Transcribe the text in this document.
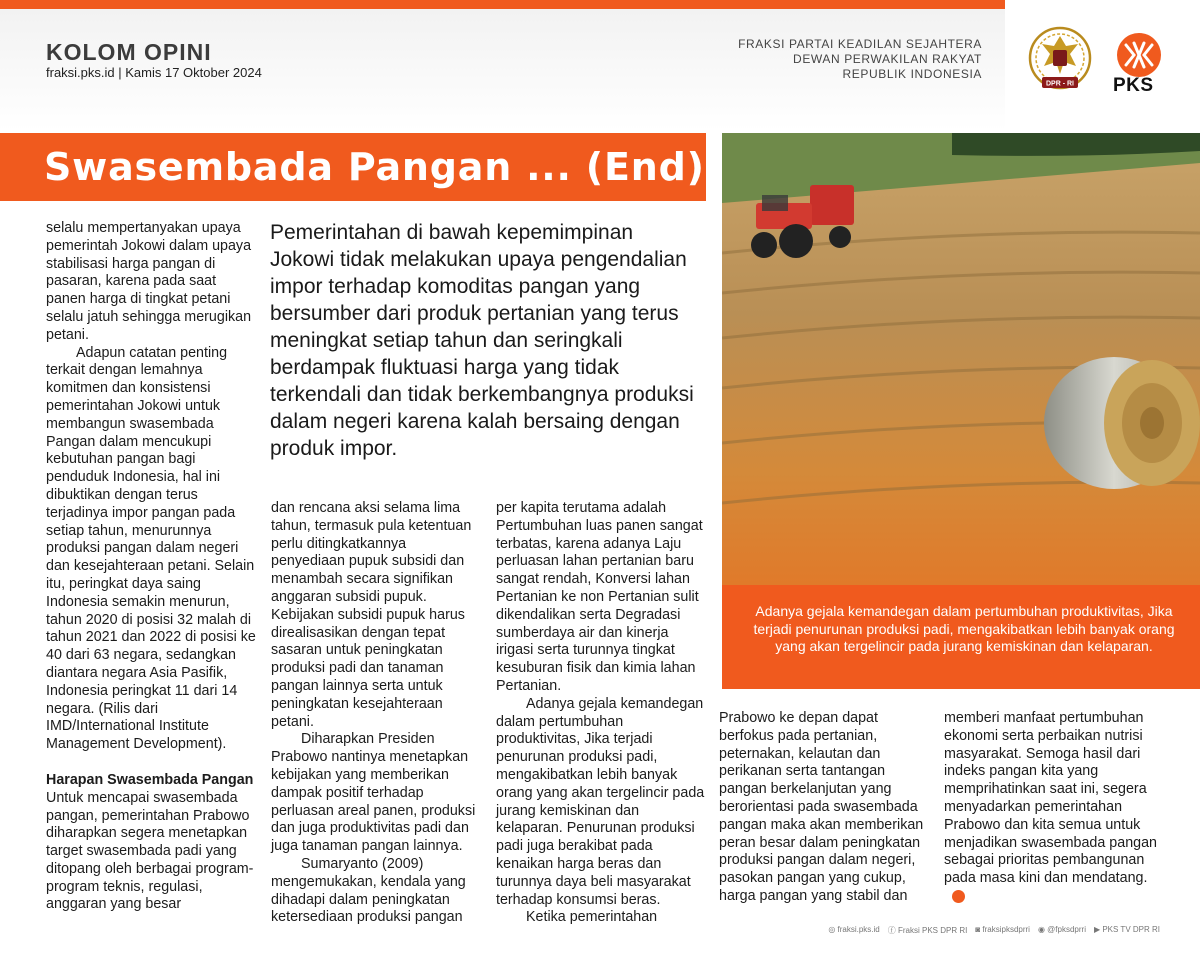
KOLOM OPINI
fraksi.pks.id | Kamis 17 Oktober 2024
FRAKSI PARTAI KEADILAN SEJAHTERA
DEWAN PERWAKILAN RAKYAT
REPUBLIK INDONESIA
DPR - RI PKS
Swasembada Pangan ... (End)

selalu mempertanyakan upaya pemerintah Jokowi dalam upaya stabilisasi harga pangan di pasaran, karena pada saat panen harga di tingkat petani selalu jatuh sehingga merugikan petani.

Adapun catatan penting terkait dengan lemahnya komitmen dan konsistensi pemerintahan Jokowi untuk membangun swasembada Pangan dalam mencukupi kebutuhan pangan bagi penduduk Indonesia, hal ini dibuktikan dengan terus terjadinya impor pangan pada setiap tahun, menurunnya produksi pangan dalam negeri dan kesejahteraan petani. Selain itu, peringkat daya saing Indonesia semakin menurun, tahun 2020 di posisi 32 malah di tahun 2021 dan 2022 di posisi ke 40 dari 63 negara, sedangkan diantara negara Asia Pasifik, Indonesia peringkat 11 dari 14 negara. (Rilis dari IMD/International Institute Management Development).

Harapan Swasembada Pangan

Untuk mencapai swasembada pangan, pemerintahan Prabowo diharapkan segera menetapkan target swasembada padi yang ditopang oleh berbagai program-program teknis, regulasi, anggaran yang besar

Pemerintahan di bawah kepemimpinan Jokowi tidak melakukan upaya pengendalian impor terhadap komoditas pangan yang bersumber dari produk pertanian yang terus meningkat setiap tahun dan seringkali berdampak fluktuasi harga yang tidak terkendali dan tidak berkembangnya produksi dalam negeri karena kalah bersaing dengan produk impor.

dan rencana aksi selama lima tahun, termasuk pula ketentuan perlu ditingkatkannya penyediaan pupuk subsidi dan menambah secara signifikan anggaran subsidi pupuk. Kebijakan subsidi pupuk harus direalisasikan dengan tepat sasaran untuk peningkatan produksi padi dan tanaman pangan lainnya serta untuk peningkatan kesejahteraan petani.

Diharapkan Presiden Prabowo nantinya menetapkan kebijakan yang memberikan dampak positif terhadap perluasan areal panen, produksi dan juga produktivitas padi dan juga tanaman pangan lainnya.

Sumaryanto (2009) mengemukakan, kendala yang dihadapi dalam peningkatan ketersediaan produksi pangan

per kapita terutama adalah Pertumbuhan luas panen sangat terbatas, karena adanya Laju perluasan lahan pertanian baru sangat rendah, Konversi lahan Pertanian ke non Pertanian sulit dikendalikan serta Degradasi sumberdaya air dan kinerja irigasi serta turunnya tingkat kesuburan fisik dan kimia lahan Pertanian.

Adanya gejala kemandegan dalam pertumbuhan produktivitas, Jika terjadi penurunan produksi padi, mengakibatkan lebih banyak orang yang akan tergelincir pada jurang kemiskinan dan kelaparan. Penurunan produksi padi juga berakibat pada kenaikan harga beras dan turunnya daya beli masyarakat terhadap konsumsi beras.

Ketika pemerintahan

Adanya gejala kemandegan dalam pertumbuhan produktivitas, Jika terjadi penurunan produksi padi, mengakibatkan lebih banyak orang yang akan tergelincir pada jurang kemiskinan dan kelaparan.

Prabowo ke depan dapat berfokus pada pertanian, peternakan, kelautan dan perikanan serta tantangan pangan berkelanjutan yang berorientasi pada swasembada pangan maka akan memberikan peran besar dalam peningkatan produksi pangan dalam negeri, pasokan pangan yang cukup, harga pangan yang stabil dan

memberi manfaat pertumbuhan ekonomi serta perbaikan nutrisi masyarakat. Semoga hasil dari indeks pangan kita yang memprihatinkan saat ini, segera menyadarkan pemerintahan Prabowo dan kita semua untuk menjadikan swasembada pangan sebagai prioritas pembangunan pada masa kini dan mendatang.

◎ fraksi.pks.id ⓕ Fraksi PKS DPR RI ◙ fraksipksdprri ◉ @fpksdprri ▶ PKS TV DPR RI
